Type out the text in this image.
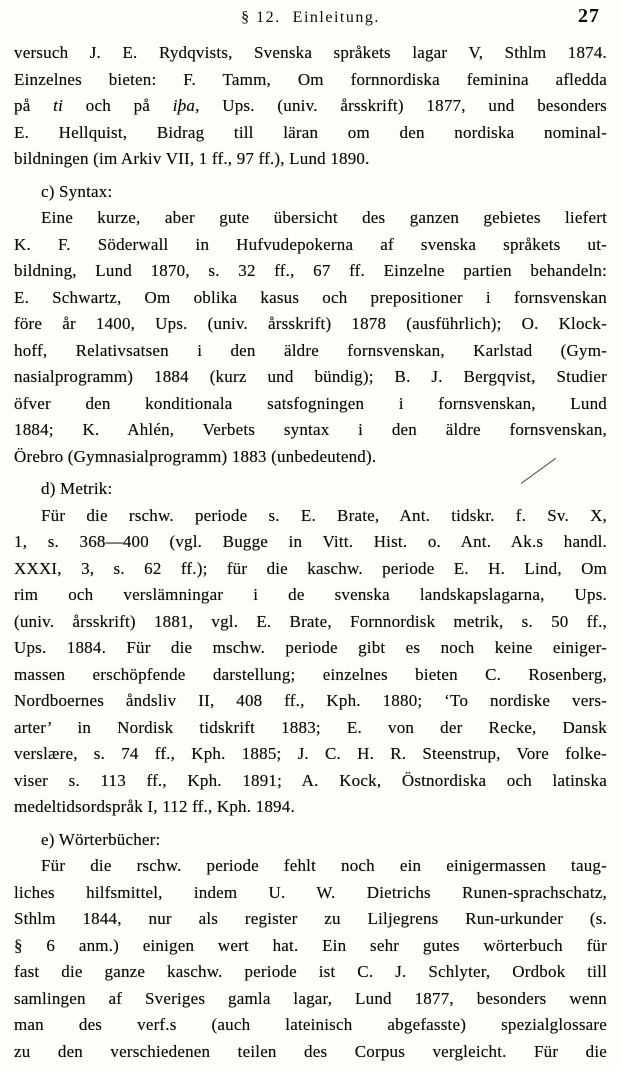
§ 12. Einleitung.	27
versuch J. E. Rydqvists, Svenska språkets lagar V, Sthlm 1874.
Einzelnes bieten: F. Tamm, Om fornnordiska feminina afledda
på ti och på iþa, Ups. (univ. årsskrift) 1877, und besonders
E. Hellquist, Bidrag till läran om den nordiska nominal-
bildningen (im Arkiv VII, 1 ff., 97 ff.), Lund 1890.
c) Syntax:
Eine kurze, aber gute übersicht des ganzen gebietes liefert
K. F. Söderwall in Hufvudepokerna af svenska språkets ut-
bildning, Lund 1870, s. 32 ff., 67 ff. Einzelne partien behandeln:
E. Schwartz, Om oblika kasus och prepositioner i fornsvenskan
före år 1400, Ups. (univ. årsskrift) 1878 (ausführlich); O. Klock-
hoff, Relativsatsen i den äldre fornsvenskan, Karlstad (Gym-
nasialprogramm) 1884 (kurz und bündig); B. J. Bergqvist, Studier
öfver den konditionala satsfogningen i fornsvenskan, Lund
1884; K. Ahlén, Verbets syntax i den äldre fornsvenskan,
Örebro (Gymnasialprogramm) 1883 (unbedeutend).
d) Metrik:
Für die rschw. periode s. E. Brate, Ant. tidskr. f. Sv. X,
1, s. 368—400 (vgl. Bugge in Vitt. Hist. o. Ant. Ak.s handl.
XXXI, 3, s. 62 ff.); für die kaschw. periode E. H. Lind, Om
rim och verslämningar i de svenska landskapslagarna, Ups.
(univ. årsskrift) 1881, vgl. E. Brate, Fornnordisk metrik, s. 50 ff.,
Ups. 1884. Für die mschw. periode gibt es noch keine einiger-
massen erschöpfende darstellung; einzelnes bieten C. Rosenberg,
Nordboernes åndsliv II, 408 ff., Kph. 1880; ‘To nordiske vers-
arter’ in Nordisk tidskrift 1883; E. von der Recke, Dansk
verslære, s. 74 ff., Kph. 1885; J. C. H. R. Steenstrup, Vore folke-
viser s. 113 ff., Kph. 1891; A. Kock, Östnordiska och latinska
medeltidsordspråk I, 112 ff., Kph. 1894.
e) Wörterbücher:
Für die rschw. periode fehlt noch ein einigermassen taug-
liches hilfsmittel, indem U. W. Dietrichs Runen-sprachschatz,
Sthlm 1844, nur als register zu Liljegrens Run-urkunder (s.
§ 6 anm.) einigen wert hat. Ein sehr gutes wörterbuch für
fast die ganze kaschw. periode ist C. J. Schlyter, Ordbok till
samlingen af Sveriges gamla lagar, Lund 1877, besonders wenn
man des verf.s (auch lateinisch abgefasste) spezialglossare
zu den verschiedenen teilen des Corpus vergleicht. Für die
